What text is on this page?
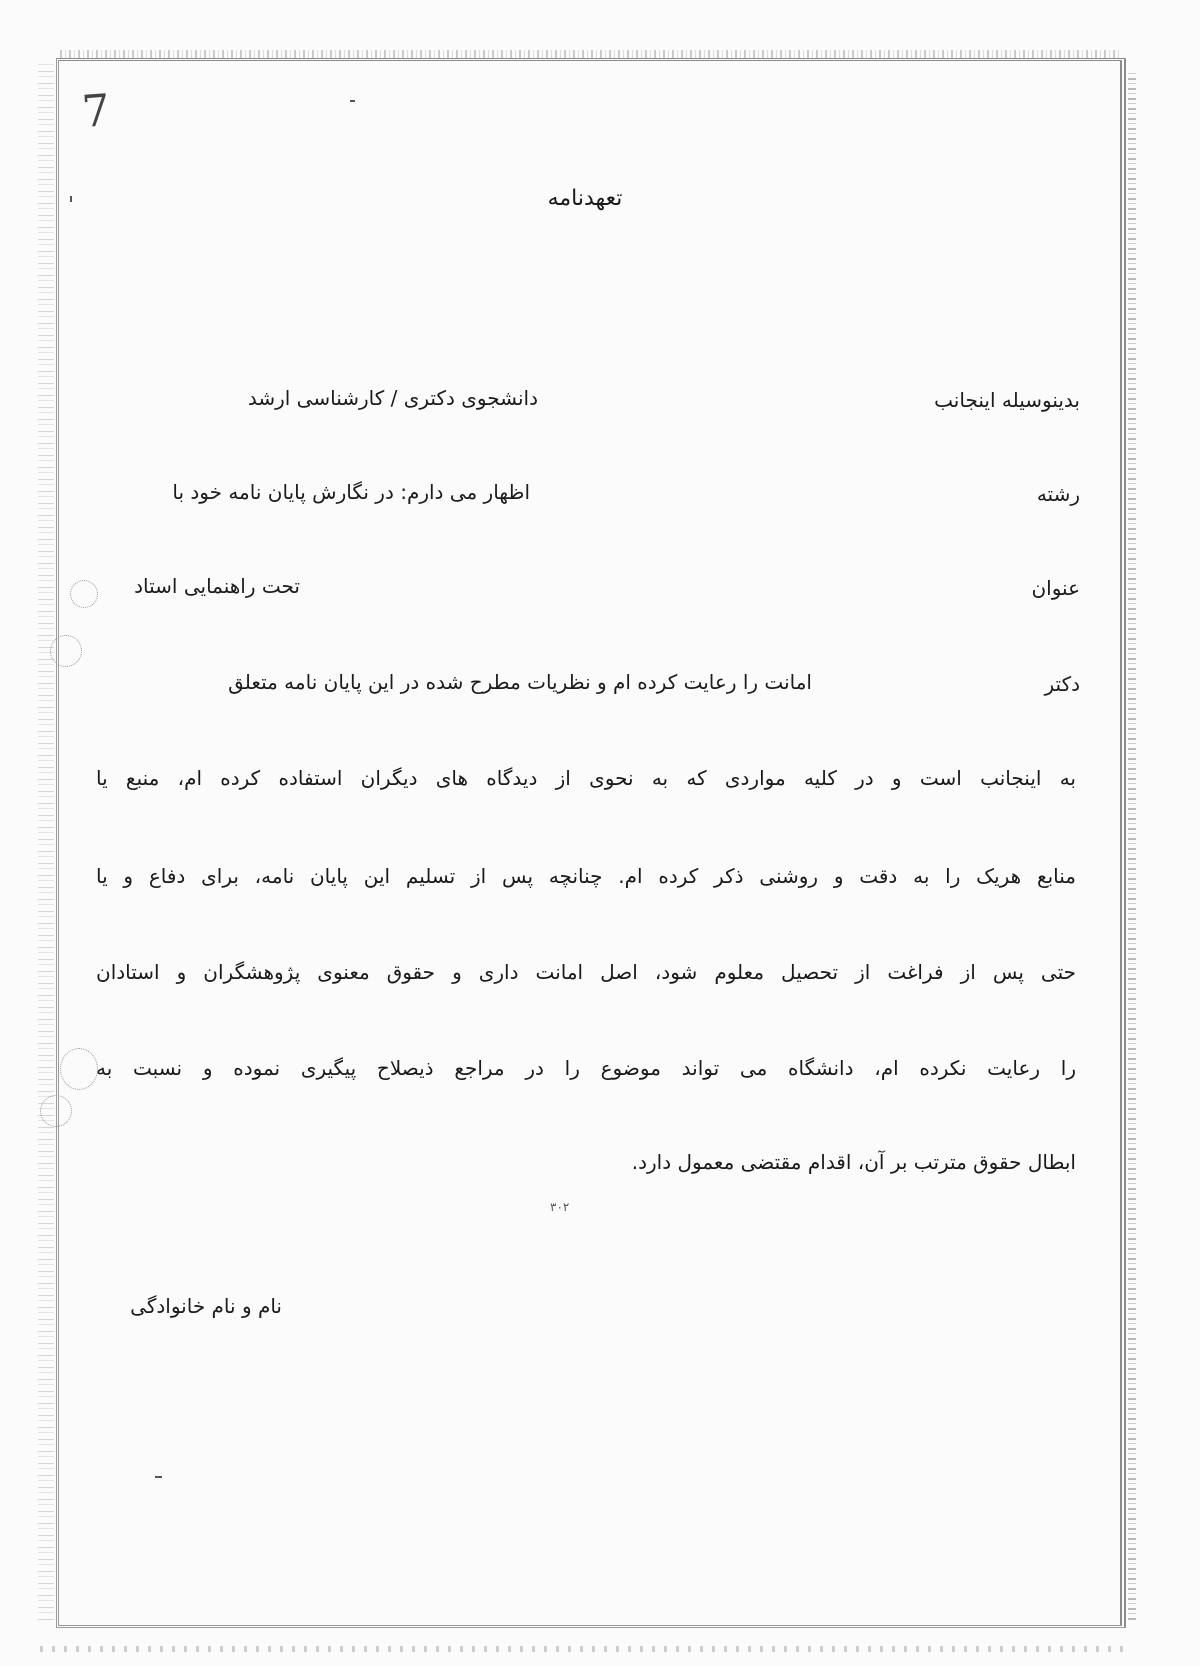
7
تعهدنامه
بدینوسیله اینجانب
دانشجوی دکتری / کارشناسی ارشد
رشته
اظهار می دارم: در نگارش پایان نامه خود با
عنوان
تحت راهنمایی استاد
دکتر
امانت را رعایت کرده ام و نظریات مطرح شده در این پایان نامه متعلق
به اینجانب است و در کلیه مواردی که به نحوی از دیدگاه های دیگران استفاده کرده ام، منبع یا
منابع هریک را به دقت و روشنی ذکر کرده ام. چنانچه پس از تسلیم این پایان نامه، برای دفاع و یا
حتی پس از فراغت از تحصیل معلوم شود، اصل امانت داری و حقوق معنوی پژوهشگران و استادان
را رعایت نکرده ام، دانشگاه می تواند موضوع را در مراجع ذیصلاح پیگیری نموده و نسبت به
ابطال حقوق مترتب بر آن، اقدام مقتضی معمول دارد.
۳۰۲
نام و نام خانوادگی
